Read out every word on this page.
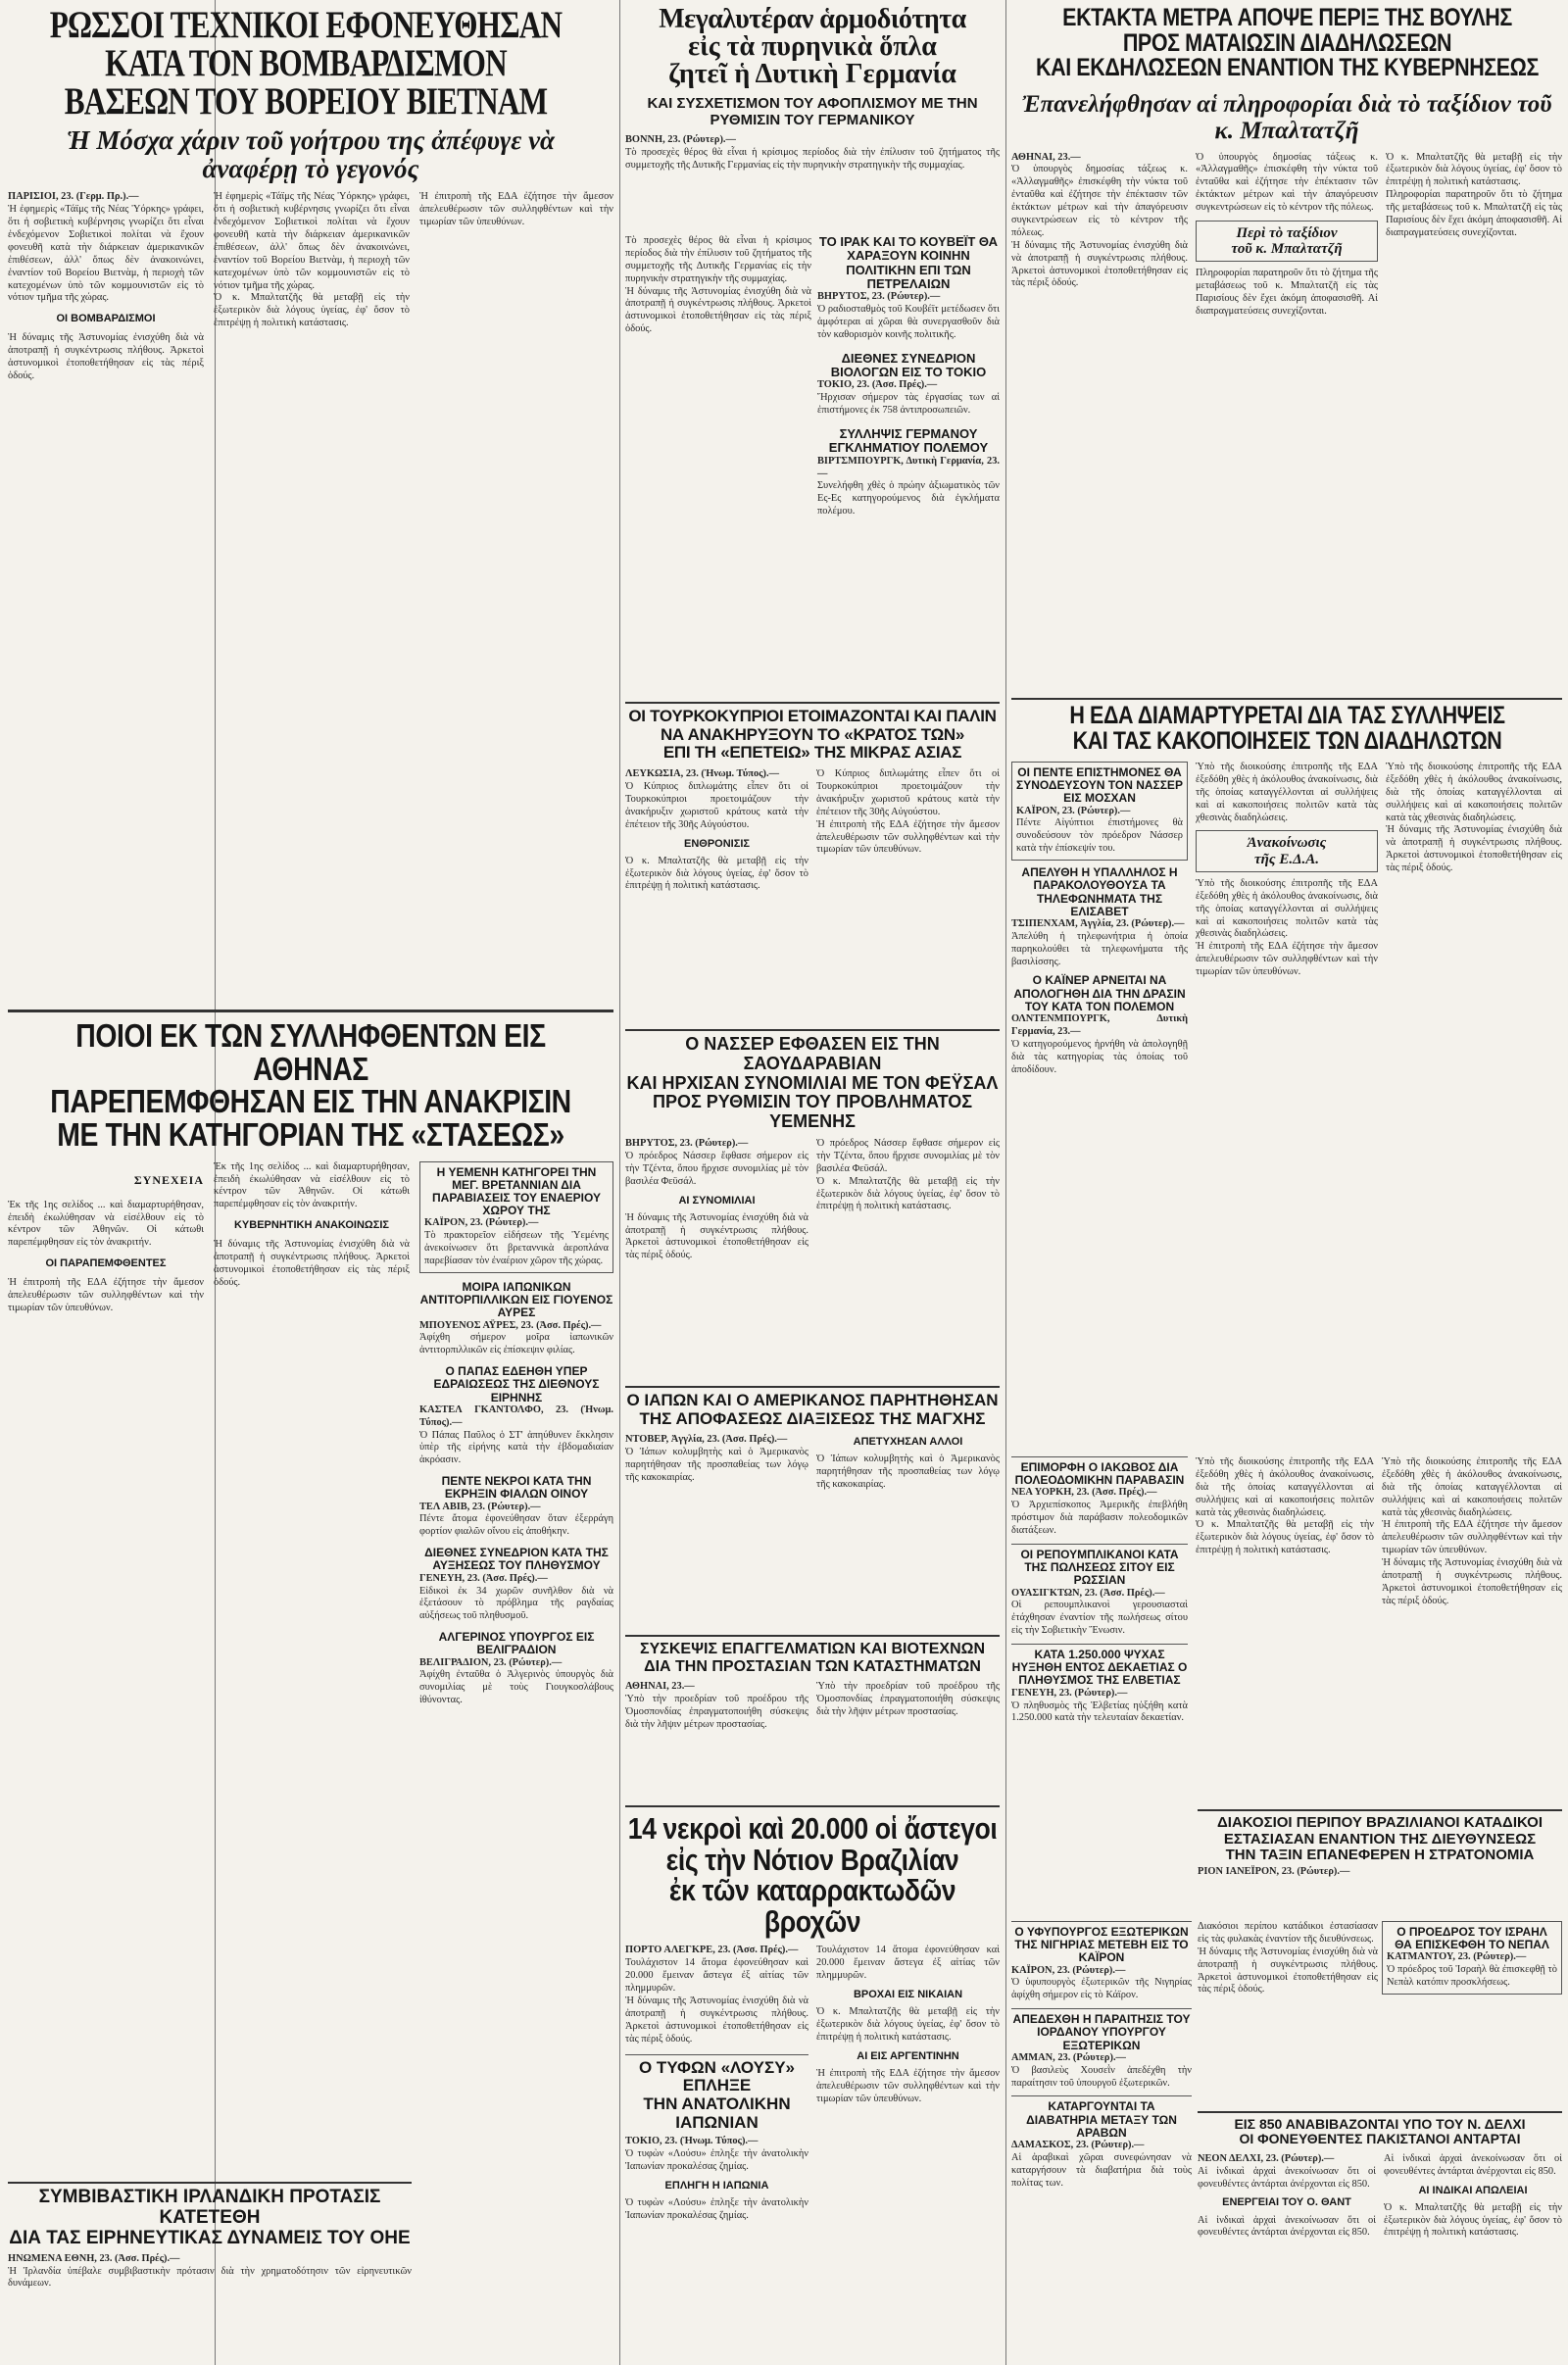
ΡΩΣΣΟΙ ΤΕΧΝΙΚΟΙ ΕΦΟΝΕΥΘΗΣΑΝ

ΚΑΤΑ ΤΟΝ ΒΟΜΒΑΡΔΙΣΜΟΝ

ΒΑΣΕΩΝ ΤΟΥ ΒΟΡΕΙΟΥ ΒΙΕΤΝΑΜ

Ἡ Μόσχα χάριν τοῦ γοήτρου της ἀπέφυγε νὰ ἀναφέρῃ τὸ γεγονός

ΠΑΡΙΣΙΟΙ, 23. (Γερμ. Πρ.).—

Ἡ ἐφημερὶς «Τάϊμς τῆς Νέας Ὑόρκης» γράφει, ὅτι ἡ σοβιετικὴ κυβέρνησις γνωρίζει ὅτι εἶναι ἐνδεχόμενον Σοβιετικοὶ πολίται νὰ ἔχουν φονευθῆ κατὰ τὴν διάρκειαν ἀμερικανικῶν ἐπιθέσεων, ἀλλ' ὅπως δὲν ἀνακοινώνει, ἐναντίον τοῦ Βορείου Βιετνὰμ, ἡ περιοχὴ τῶν κατεχομένων ὑπὸ τῶν κομμουνιστῶν εἰς τὸ νότιον τμῆμα τῆς χώρας.

ΟΙ ΒΟΜΒΑΡΔΙΣΜΟΙ

Ἡ δύναμις τῆς Ἀστυνομίας ἐνισχύθη διὰ νὰ ἀποτραπῇ ἡ συγκέντρωσις πλήθους. Ἀρκετοὶ ἀστυνομικοὶ ἐτοποθετήθησαν εἰς τὰς πέριξ ὁδούς.

Ἡ ἐφημερὶς «Τάϊμς τῆς Νέας Ὑόρκης» γράφει, ὅτι ἡ σοβιετικὴ κυβέρνησις γνωρίζει ὅτι εἶναι ἐνδεχόμενον Σοβιετικοὶ πολίται νὰ ἔχουν φονευθῆ κατὰ τὴν διάρκειαν ἀμερικανικῶν ἐπιθέσεων, ἀλλ' ὅπως δὲν ἀνακοινώνει, ἐναντίον τοῦ Βορείου Βιετνὰμ, ἡ περιοχὴ τῶν κατεχομένων ὑπὸ τῶν κομμουνιστῶν εἰς τὸ νότιον τμῆμα τῆς χώρας.

Ὁ κ. Μπαλτατζῆς θὰ μεταβῇ εἰς τὴν ἐξωτερικὸν διὰ λόγους ὑγείας, ἐφ' ὅσον τὸ ἐπιτρέψῃ ἡ πολιτικὴ κατάστασις.

Ἡ ἐπιτροπὴ τῆς ΕΔΑ ἐζήτησε τὴν ἄμεσον ἀπελευθέρωσιν τῶν συλληφθέντων καὶ τὴν τιμωρίαν τῶν ὑπευθύνων.

ΠΟΙΟΙ ΕΚ ΤΩΝ ΣΥΛΛΗΦΘΕΝΤΩΝ ΕΙΣ ΑΘΗΝΑΣ

ΠΑΡΕΠΕΜΦΘΗΣΑΝ ΕΙΣ ΤΗΝ ΑΝΑΚΡΙΣΙΝ

ΜΕ ΤΗΝ ΚΑΤΗΓΟΡΙΑΝ ΤΗΣ «ΣΤΑΣΕΩΣ»

ΣΥΝΕΧΕΙΑ

Ἐκ τῆς 1ης σελίδος ... καὶ διαμαρτυρήθησαν, ἐπειδὴ ἐκωλύθησαν νὰ εἰσέλθουν εἰς τὸ κέντρον τῶν Ἀθηνῶν. Οἱ κάτωθι παρεπέμφθησαν εἰς τὸν ἀνακριτήν.

ΟΙ ΠΑΡΑΠΕΜΦΘΕΝΤΕΣ

Ἡ ἐπιτροπὴ τῆς ΕΔΑ ἐζήτησε τὴν ἄμεσον ἀπελευθέρωσιν τῶν συλληφθέντων καὶ τὴν τιμωρίαν τῶν ὑπευθύνων.

Ἐκ τῆς 1ης σελίδος ... καὶ διαμαρτυρήθησαν, ἐπειδὴ ἐκωλύθησαν νὰ εἰσέλθουν εἰς τὸ κέντρον τῶν Ἀθηνῶν. Οἱ κάτωθι παρεπέμφθησαν εἰς τὸν ἀνακριτήν.

ΚΥΒΕΡΝΗΤΙΚΗ ΑΝΑΚΟΙΝΩΣΙΣ

Ἡ δύναμις τῆς Ἀστυνομίας ἐνισχύθη διὰ νὰ ἀποτραπῇ ἡ συγκέντρωσις πλήθους. Ἀρκετοὶ ἀστυνομικοὶ ἐτοποθετήθησαν εἰς τὰς πέριξ ὁδούς.

Η ΥΕΜΕΝΗ ΚΑΤΗΓΟΡΕΙ ΤΗΝ ΜΕΓ. ΒΡΕΤΑΝΝΙΑΝ ΔΙΑ ΠΑΡΑΒΙΑΣΕΙΣ ΤΟΥ ΕΝΑΕΡΙΟΥ ΧΩΡΟΥ ΤΗΣ

ΚΑΪΡΟΝ, 23. (Ρώυτερ).—

Τὸ πρακτορεῖον εἰδήσεων τῆς Ὑεμένης ἀνεκοίνωσεν ὅτι βρεταννικὰ ἀεροπλάνα παρεβίασαν τὸν ἐναέριον χῶρον τῆς χώρας.

ΜΟΙΡΑ ΙΑΠΩΝΙΚΩΝ ΑΝΤΙΤΟΡΠΙΛΛΙΚΩΝ ΕΙΣ ΓΙΟΥΕΝΟΣ ΑΥΡΕΣ

ΜΠΟΥΕΝΟΣ ΑΫΡΕΣ, 23. (Ἀσσ. Πρές).—

Ἀφίχθη σήμερον μοῖρα ἰαπωνικῶν ἀντιτορπιλλικῶν εἰς ἐπίσκεψιν φιλίας.

Ο ΠΑΠΑΣ ΕΔΕΗΘΗ ΥΠΕΡ ΕΔΡΑΙΩΣΕΩΣ ΤΗΣ ΔΙΕΘΝΟΥΣ ΕΙΡΗΝΗΣ

ΚΑΣΤΕΛ ΓΚΑΝΤΟΛΦΟ, 23. (Ἠνωμ. Τύπος).—

Ὁ Πάπας Παῦλος ὁ ΣΤ' ἀπηύθυνεν ἔκκλησιν ὑπὲρ τῆς εἰρήνης κατὰ τὴν ἑβδομαδιαίαν ἀκρόασιν.

ΠΕΝΤΕ ΝΕΚΡΟΙ ΚΑΤΑ ΤΗΝ ΕΚΡΗΞΙΝ ΦΙΑΛΩΝ ΟΙΝΟΥ

ΤΕΛ ΑΒΙΒ, 23. (Ρώυτερ).—

Πέντε ἄτομα ἐφονεύθησαν ὅταν ἐξερράγη φορτίον φιαλῶν οἴνου εἰς ἀποθήκην.

ΔΙΕΘΝΕΣ ΣΥΝΕΔΡΙΟΝ ΚΑΤΑ ΤΗΣ ΑΥΞΗΣΕΩΣ ΤΟΥ ΠΛΗΘΥΣΜΟΥ

ΓΕΝΕΥΗ, 23. (Ἀσσ. Πρές).—

Εἰδικοὶ ἐκ 34 χωρῶν συνῆλθον διὰ νὰ ἐξετάσουν τὸ πρόβλημα τῆς ραγδαίας αὐξήσεως τοῦ πληθυσμοῦ.

ΑΛΓΕΡΙΝΟΣ ΥΠΟΥΡΓΟΣ ΕΙΣ ΒΕΛΙΓΡΑΔΙΟΝ

ΒΕΛΙΓΡΑΔΙΟΝ, 23. (Ρώυτερ).—

Ἀφίχθη ἐνταῦθα ὁ Ἀλγερινὸς ὑπουργὸς διὰ συνομιλίας μὲ τοὺς Γιουγκοσλάβους ἰθύνοντας.

ΣΥΜΒΙΒΑΣΤΙΚΗ ΙΡΛΑΝΔΙΚΗ ΠΡΟΤΑΣΙΣ ΚΑΤΕΤΕΘΗ

ΔΙΑ ΤΑΣ ΕΙΡΗΝΕΥΤΙΚΑΣ ΔΥΝΑΜΕΙΣ ΤΟΥ ΟΗΕ

ΗΝΩΜΕΝΑ ΕΘΝΗ, 23. (Ἀσσ. Πρές).—

Ἡ Ἰρλανδία ὑπέβαλε συμβιβαστικὴν πρότασιν διὰ τὴν χρηματοδότησιν τῶν εἰρηνευτικῶν δυνάμεων.

Μεγαλυτέραν ἁρμοδιότητα

εἰς τὰ πυρηνικὰ ὅπλα

ζητεῖ ἡ Δυτικὴ Γερμανία

ΚΑΙ ΣΥΣΧΕΤΙΣΜΟΝ ΤΟΥ ΑΦΟΠΛΙΣΜΟΥ ΜΕ ΤΗΝ ΡΥΘΜΙΣΙΝ ΤΟΥ ΓΕΡΜΑΝΙΚΟΥ

ΒΟΝΝΗ, 23. (Ρώυτερ).—

Τὸ προσεχὲς θέρος θὰ εἶναι ἡ κρίσιμος περίοδος διὰ τὴν ἐπίλυσιν τοῦ ζητήματος τῆς συμμετοχῆς τῆς Δυτικῆς Γερμανίας εἰς τὴν πυρηνικὴν στρατηγικὴν τῆς συμμαχίας.

Τὸ προσεχὲς θέρος θὰ εἶναι ἡ κρίσιμος περίοδος διὰ τὴν ἐπίλυσιν τοῦ ζητήματος τῆς συμμετοχῆς τῆς Δυτικῆς Γερμανίας εἰς τὴν πυρηνικὴν στρατηγικὴν τῆς συμμαχίας.

Ἡ δύναμις τῆς Ἀστυνομίας ἐνισχύθη διὰ νὰ ἀποτραπῇ ἡ συγκέντρωσις πλήθους. Ἀρκετοὶ ἀστυνομικοὶ ἐτοποθετήθησαν εἰς τὰς πέριξ ὁδούς.

ΤΟ ΙΡΑΚ ΚΑΙ ΤΟ ΚΟΥΒΕΪΤ ΘΑ ΧΑΡΑΞΟΥΝ ΚΟΙΝΗΝ ΠΟΛΙΤΙΚΗΝ ΕΠΙ ΤΩΝ ΠΕΤΡΕΛΑΙΩΝ

ΒΗΡΥΤΟΣ, 23. (Ρώυτερ).—

Ὁ ραδιοσταθμὸς τοῦ Κουβέϊτ μετέδωσεν ὅτι ἀμφότεραι αἱ χῶραι θὰ συνεργασθοῦν διὰ τὸν καθορισμὸν κοινῆς πολιτικῆς.

ΔΙΕΘΝΕΣ ΣΥΝΕΔΡΙΟΝ ΒΙΟΛΟΓΩΝ ΕΙΣ ΤΟ ΤΟΚΙΟ

ΤΟΚΙΟ, 23. (Ἀσσ. Πρές).—

Ἤρχισαν σήμερον τὰς ἐργασίας των αἱ ἐπιστήμονες ἐκ 758 ἀντιπροσωπειῶν.

ΣΥΛΛΗΨΙΣ ΓΕΡΜΑΝΟΥ ΕΓΚΛΗΜΑΤΙΟΥ ΠΟΛΕΜΟΥ

ΒΙΡΤΣΜΠΟΥΡΓΚ, Δυτικὴ Γερμανία, 23.—

Συνελήφθη χθὲς ὁ πρώην ἀξιωματικὸς τῶν Ες-Ες κατηγορούμενος διὰ ἐγκλήματα πολέμου.

ΟΙ ΤΟΥΡΚΟΚΥΠΡΙΟΙ ΕΤΟΙΜΑΖΟΝΤΑΙ ΚΑΙ ΠΑΛΙΝ

ΝΑ ΑΝΑΚΗΡΥΞΟΥΝ ΤΟ «ΚΡΑΤΟΣ ΤΩΝ»

ΕΠΙ ΤΗ «ΕΠΕΤΕΙΩ» ΤΗΣ ΜΙΚΡΑΣ ΑΣΙΑΣ

ΛΕΥΚΩΣΙΑ, 23. (Ἠνωμ. Τύπος).—

Ὁ Κύπριος διπλωμάτης εἶπεν ὅτι οἱ Τουρκοκύπριοι προετοιμάζουν τὴν ἀνακήρυξιν χωριστοῦ κράτους κατὰ τὴν ἐπέτειον τῆς 30ῆς Αὐγούστου.

ΕΝΘΡΟΝΙΣΙΣ

Ὁ κ. Μπαλτατζῆς θὰ μεταβῇ εἰς τὴν ἐξωτερικὸν διὰ λόγους ὑγείας, ἐφ' ὅσον τὸ ἐπιτρέψῃ ἡ πολιτικὴ κατάστασις.

Ὁ Κύπριος διπλωμάτης εἶπεν ὅτι οἱ Τουρκοκύπριοι προετοιμάζουν τὴν ἀνακήρυξιν χωριστοῦ κράτους κατὰ τὴν ἐπέτειον τῆς 30ῆς Αὐγούστου.

Ἡ ἐπιτροπὴ τῆς ΕΔΑ ἐζήτησε τὴν ἄμεσον ἀπελευθέρωσιν τῶν συλληφθέντων καὶ τὴν τιμωρίαν τῶν ὑπευθύνων.

Ο ΝΑΣΣΕΡ ΕΦΘΑΣΕΝ ΕΙΣ ΤΗΝ ΣΑΟΥΔΑΡΑΒΙΑΝ

ΚΑΙ ΗΡΧΙΣΑΝ ΣΥΝΟΜΙΛΙΑΙ ΜΕ ΤΟΝ ΦΕΫΣΑΛ

ΠΡΟΣ ΡΥΘΜΙΣΙΝ ΤΟΥ ΠΡΟΒΛΗΜΑΤΟΣ ΥΕΜΕΝΗΣ

ΒΗΡΥΤΟΣ, 23. (Ρώυτερ).—

Ὁ πρόεδρος Νάσσερ ἔφθασε σήμερον εἰς τὴν Τζέντα, ὅπου ἤρχισε συνομιλίας μὲ τὸν βασιλέα Φεϋσάλ.

ΑΙ ΣΥΝΟΜΙΛΙΑΙ

Ἡ δύναμις τῆς Ἀστυνομίας ἐνισχύθη διὰ νὰ ἀποτραπῇ ἡ συγκέντρωσις πλήθους. Ἀρκετοὶ ἀστυνομικοὶ ἐτοποθετήθησαν εἰς τὰς πέριξ ὁδούς.

Ὁ πρόεδρος Νάσσερ ἔφθασε σήμερον εἰς τὴν Τζέντα, ὅπου ἤρχισε συνομιλίας μὲ τὸν βασιλέα Φεϋσάλ.

Ὁ κ. Μπαλτατζῆς θὰ μεταβῇ εἰς τὴν ἐξωτερικὸν διὰ λόγους ὑγείας, ἐφ' ὅσον τὸ ἐπιτρέψῃ ἡ πολιτικὴ κατάστασις.

Ο ΙΑΠΩΝ ΚΑΙ Ο ΑΜΕΡΙΚΑΝΟΣ ΠΑΡΗΤΗΘΗΣΑΝ

ΤΗΣ ΑΠΟΦΑΣΕΩΣ ΔΙΑΞΙΣΕΩΣ ΤΗΣ ΜΑΓΧΗΣ

ΝΤΟΒΕΡ, Ἀγγλία, 23. (Ἀσσ. Πρές).—

Ὁ Ἰάπων κολυμβητὴς καὶ ὁ Ἀμερικανὸς παρητήθησαν τῆς προσπαθείας των λόγῳ τῆς κακοκαιρίας.

ΑΠΕΤΥΧΗΣΑΝ ΑΛΛΟΙ

Ὁ Ἰάπων κολυμβητὴς καὶ ὁ Ἀμερικανὸς παρητήθησαν τῆς προσπαθείας των λόγῳ τῆς κακοκαιρίας.

ΣΥΣΚΕΨΙΣ ΕΠΑΓΓΕΛΜΑΤΙΩΝ ΚΑΙ ΒΙΟΤΕΧΝΩΝ

ΔΙΑ ΤΗΝ ΠΡΟΣΤΑΣΙΑΝ ΤΩΝ ΚΑΤΑΣΤΗΜΑΤΩΝ

ΑΘΗΝΑΙ, 23.—

Ὑπὸ τὴν προεδρίαν τοῦ προέδρου τῆς Ὁμοσπονδίας ἐπραγματοποιήθη σύσκεψις διὰ τὴν λῆψιν μέτρων προστασίας.

Ὑπὸ τὴν προεδρίαν τοῦ προέδρου τῆς Ὁμοσπονδίας ἐπραγματοποιήθη σύσκεψις διὰ τὴν λῆψιν μέτρων προστασίας.

14 νεκροὶ καὶ 20.000 οἱ ἄστεγοι

εἰς τὴν Νότιον Βραζιλίαν

ἐκ τῶν καταρρακτωδῶν βροχῶν

ΠΟΡΤΟ ΑΛΕΓΚΡΕ, 23. (Ἀσσ. Πρές).—

Τουλάχιστον 14 ἄτομα ἐφονεύθησαν καὶ 20.000 ἔμειναν ἄστεγα ἐξ αἰτίας τῶν πλημμυρῶν.

Ἡ δύναμις τῆς Ἀστυνομίας ἐνισχύθη διὰ νὰ ἀποτραπῇ ἡ συγκέντρωσις πλήθους. Ἀρκετοὶ ἀστυνομικοὶ ἐτοποθετήθησαν εἰς τὰς πέριξ ὁδούς.

Ο ΤΥΦΩΝ «ΛΟΥΣΥ» ΕΠΛΗΞΕ

ΤΗΝ ΑΝΑΤΟΛΙΚΗΝ ΙΑΠΩΝΙΑΝ

ΤΟΚΙΟ, 23. (Ἠνωμ. Τύπος).—

Ὁ τυφὼν «Λούσυ» ἐπληξε τὴν ἀνατολικὴν Ἰαπωνίαν προκαλέσας ζημίας.

ΕΠΛΗΓΗ Η ΙΑΠΩΝΙΑ

Ὁ τυφὼν «Λούσυ» ἐπληξε τὴν ἀνατολικὴν Ἰαπωνίαν προκαλέσας ζημίας.

Τουλάχιστον 14 ἄτομα ἐφονεύθησαν καὶ 20.000 ἔμειναν ἄστεγα ἐξ αἰτίας τῶν πλημμυρῶν.

ΒΡΟΧΑΙ ΕΙΣ ΝΙΚΑΙΑΝ

Ὁ κ. Μπαλτατζῆς θὰ μεταβῇ εἰς τὴν ἐξωτερικὸν διὰ λόγους ὑγείας, ἐφ' ὅσον τὸ ἐπιτρέψῃ ἡ πολιτικὴ κατάστασις.

ΑΙ ΕΙΣ ΑΡΓΕΝΤΙΝΗΝ

Ἡ ἐπιτροπὴ τῆς ΕΔΑ ἐζήτησε τὴν ἄμεσον ἀπελευθέρωσιν τῶν συλληφθέντων καὶ τὴν τιμωρίαν τῶν ὑπευθύνων.

ΕΚΤΑΚΤΑ ΜΕΤΡΑ ΑΠΟΨΕ ΠΕΡΙΞ ΤΗΣ ΒΟΥΛΗΣ

ΠΡΟΣ ΜΑΤΑΙΩΣΙΝ ΔΙΑΔΗΛΩΣΕΩΝ

ΚΑΙ ΕΚΔΗΛΩΣΕΩΝ ΕΝΑΝΤΙΟΝ ΤΗΣ ΚΥΒΕΡΝΗΣΕΩΣ

Ἐπανελήφθησαν αἱ πληροφορίαι διὰ τὸ ταξίδιον τοῦ κ. Μπαλτατζῆ

ΑΘΗΝΑΙ, 23.—

Ὁ ὑπουργὸς δημοσίας τάξεως κ. «Ἀλλαγμαθῆς» ἐπισκέφθη τὴν νύκτα τοῦ ἐνταῦθα καὶ ἐζήτησε τὴν ἐπέκτασιν τῶν ἐκτάκτων μέτρων καὶ τὴν ἀπαγόρευσιν συγκεντρώσεων εἰς τὸ κέντρον τῆς πόλεως.

Ἡ δύναμις τῆς Ἀστυνομίας ἐνισχύθη διὰ νὰ ἀποτραπῇ ἡ συγκέντρωσις πλήθους. Ἀρκετοὶ ἀστυνομικοὶ ἐτοποθετήθησαν εἰς τὰς πέριξ ὁδούς.

Ὁ ὑπουργὸς δημοσίας τάξεως κ. «Ἀλλαγμαθῆς» ἐπισκέφθη τὴν νύκτα τοῦ ἐνταῦθα καὶ ἐζήτησε τὴν ἐπέκτασιν τῶν ἐκτάκτων μέτρων καὶ τὴν ἀπαγόρευσιν συγκεντρώσεων εἰς τὸ κέντρον τῆς πόλεως.

Περὶ τὸ ταξίδιον

τοῦ κ. Μπαλτατζῆ

Πληροφορίαι παρατηροῦν ὅτι τὸ ζήτημα τῆς μεταβάσεως τοῦ κ. Μπαλτατζῆ εἰς τὰς Παρισίους δὲν ἔχει ἀκόμη ἀποφασισθῆ. Αἱ διαπραγματεύσεις συνεχίζονται.

Ὁ κ. Μπαλτατζῆς θὰ μεταβῇ εἰς τὴν ἐξωτερικὸν διὰ λόγους ὑγείας, ἐφ' ὅσον τὸ ἐπιτρέψῃ ἡ πολιτικὴ κατάστασις.

Πληροφορίαι παρατηροῦν ὅτι τὸ ζήτημα τῆς μεταβάσεως τοῦ κ. Μπαλτατζῆ εἰς τὰς Παρισίους δὲν ἔχει ἀκόμη ἀποφασισθῆ. Αἱ διαπραγματεύσεις συνεχίζονται.

Η ΕΔΑ ΔΙΑΜΑΡΤΥΡΕΤΑΙ ΔΙΑ ΤΑΣ ΣΥΛΛΗΨΕΙΣ

ΚΑΙ ΤΑΣ ΚΑΚΟΠΟΙΗΣΕΙΣ ΤΩΝ ΔΙΑΔΗΛΩΤΩΝ

ΟΙ ΠΕΝΤΕ ΕΠΙΣΤΗΜΟΝΕΣ ΘΑ ΣΥΝΟΔΕΥΣΟΥΝ ΤΟΝ ΝΑΣΣΕΡ ΕΙΣ ΜΟΣΧΑΝ

ΚΑΪΡΟΝ, 23. (Ρώυτερ).—

Πέντε Αἰγύπτιοι ἐπιστήμονες θὰ συνοδεύσουν τὸν πρόεδρον Νάσσερ κατὰ τὴν ἐπίσκεψίν του.

ΑΠΕΛΥΘΗ Η ΥΠΑΛΛΗΛΟΣ Η ΠΑΡΑΚΟΛΟΥΘΟΥΣΑ ΤΑ ΤΗΛΕΦΩΝΗΜΑΤΑ ΤΗΣ ΕΛΙΣΑΒΕΤ

ΤΣΙΠΕΝΧΑΜ, Ἀγγλία, 23. (Ρώυτερ).—

Ἀπελύθη ἡ τηλεφωνήτρια ἡ ὁποία παρηκολούθει τὰ τηλεφωνήματα τῆς βασιλίσσης.

Ο ΚΑΪΝΕΡ ΑΡΝΕΙΤΑΙ ΝΑ ΑΠΟΛΟΓΗΘΗ ΔΙΑ ΤΗΝ ΔΡΑΣΙΝ ΤΟΥ ΚΑΤΑ ΤΟΝ ΠΟΛΕΜΟΝ

ΟΛΝΤΕΝΜΠΟΥΡΓΚ, Δυτικὴ Γερμανία, 23.—

Ὁ κατηγορούμενος ἠρνήθη νὰ ἀπολογηθῇ διὰ τὰς κατηγορίας τὰς ὁποίας τοῦ ἀποδίδουν.

Ὑπὸ τῆς διοικούσης ἐπιτροπῆς τῆς ΕΔΑ ἐξεδόθη χθὲς ἡ ἀκόλουθος ἀνακοίνωσις, διὰ τῆς ὁποίας καταγγέλλονται αἱ συλλήψεις καὶ αἱ κακοποιήσεις πολιτῶν κατὰ τὰς χθεσινὰς διαδηλώσεις.

Ἀνακοίνωσις

τῆς Ε.Δ.Α.

Ὑπὸ τῆς διοικούσης ἐπιτροπῆς τῆς ΕΔΑ ἐξεδόθη χθὲς ἡ ἀκόλουθος ἀνακοίνωσις, διὰ τῆς ὁποίας καταγγέλλονται αἱ συλλήψεις καὶ αἱ κακοποιήσεις πολιτῶν κατὰ τὰς χθεσινὰς διαδηλώσεις.

Ἡ ἐπιτροπὴ τῆς ΕΔΑ ἐζήτησε τὴν ἄμεσον ἀπελευθέρωσιν τῶν συλληφθέντων καὶ τὴν τιμωρίαν τῶν ὑπευθύνων.

Ὑπὸ τῆς διοικούσης ἐπιτροπῆς τῆς ΕΔΑ ἐξεδόθη χθὲς ἡ ἀκόλουθος ἀνακοίνωσις, διὰ τῆς ὁποίας καταγγέλλονται αἱ συλλήψεις καὶ αἱ κακοποιήσεις πολιτῶν κατὰ τὰς χθεσινὰς διαδηλώσεις.

Ἡ δύναμις τῆς Ἀστυνομίας ἐνισχύθη διὰ νὰ ἀποτραπῇ ἡ συγκέντρωσις πλήθους. Ἀρκετοὶ ἀστυνομικοὶ ἐτοποθετήθησαν εἰς τὰς πέριξ ὁδούς.

ΕΠΙΜΟΡΦΗ Ο ΙΑΚΩΒΟΣ ΔΙΑ ΠΟΛΕΟΔΟΜΙΚΗΝ ΠΑΡΑΒΑΣΙΝ

ΝΕΑ ΥΟΡΚΗ, 23. (Ἀσσ. Πρές).—

Ὁ Ἀρχιεπίσκοπος Ἀμερικῆς ἐπεβλήθη πρόστιμον διὰ παράβασιν πολεοδομικῶν διατάξεων.

ΟΙ ΡΕΠΟΥΜΠΛΙΚΑΝΟΙ ΚΑΤΑ ΤΗΣ ΠΩΛΗΣΕΩΣ ΣΙΤΟΥ ΕΙΣ ΡΩΣΣΙΑΝ

ΟΥΑΣΙΓΚΤΩΝ, 23. (Ἀσσ. Πρές).—

Οἱ ρεπουμπλικανοὶ γερουσιασταὶ ἐτάχθησαν ἐναντίον τῆς πωλήσεως σίτου εἰς τὴν Σοβιετικὴν Ἕνωσιν.

ΚΑΤΑ 1.250.000 ΨΥΧΑΣ ΗΥΞΗΘΗ ΕΝΤΟΣ ΔΕΚΑΕΤΙΑΣ Ο ΠΛΗΘΥΣΜΟΣ ΤΗΣ ΕΛΒΕΤΙΑΣ

ΓΕΝΕΥΗ, 23. (Ρώυτερ).—

Ὁ πληθυσμὸς τῆς Ἑλβετίας ηὐξήθη κατὰ 1.250.000 κατὰ τὴν τελευταίαν δεκαετίαν.

Ὑπὸ τῆς διοικούσης ἐπιτροπῆς τῆς ΕΔΑ ἐξεδόθη χθὲς ἡ ἀκόλουθος ἀνακοίνωσις, διὰ τῆς ὁποίας καταγγέλλονται αἱ συλλήψεις καὶ αἱ κακοποιήσεις πολιτῶν κατὰ τὰς χθεσινὰς διαδηλώσεις.

Ὁ κ. Μπαλτατζῆς θὰ μεταβῇ εἰς τὴν ἐξωτερικὸν διὰ λόγους ὑγείας, ἐφ' ὅσον τὸ ἐπιτρέψῃ ἡ πολιτικὴ κατάστασις.

Ὑπὸ τῆς διοικούσης ἐπιτροπῆς τῆς ΕΔΑ ἐξεδόθη χθὲς ἡ ἀκόλουθος ἀνακοίνωσις, διὰ τῆς ὁποίας καταγγέλλονται αἱ συλλήψεις καὶ αἱ κακοποιήσεις πολιτῶν κατὰ τὰς χθεσινὰς διαδηλώσεις.

Ἡ ἐπιτροπὴ τῆς ΕΔΑ ἐζήτησε τὴν ἄμεσον ἀπελευθέρωσιν τῶν συλληφθέντων καὶ τὴν τιμωρίαν τῶν ὑπευθύνων.

Ἡ δύναμις τῆς Ἀστυνομίας ἐνισχύθη διὰ νὰ ἀποτραπῇ ἡ συγκέντρωσις πλήθους. Ἀρκετοὶ ἀστυνομικοὶ ἐτοποθετήθησαν εἰς τὰς πέριξ ὁδούς.

ΔΙΑΚΟΣΙΟΙ ΠΕΡΙΠΟΥ ΒΡΑΖΙΛΙΑΝΟΙ ΚΑΤΑΔΙΚΟΙ

ΕΣΤΑΣΙΑΣΑΝ ΕΝΑΝΤΙΟΝ ΤΗΣ ΔΙΕΥΘΥΝΣΕΩΣ

ΤΗΝ ΤΑΞΙΝ ΕΠΑΝΕΦΕΡΕΝ Η ΣΤΡΑΤΟΝΟΜΙΑ

ΡΙΟΝ ΙΑΝΕΪΡΟΝ, 23. (Ρώυτερ).—

Ο ΥΦΥΠΟΥΡΓΟΣ ΕΞΩΤΕΡΙΚΩΝ ΤΗΣ ΝΙΓΗΡΙΑΣ ΜΕΤΕΒΗ ΕΙΣ ΤΟ ΚΑΪΡΟΝ

ΚΑΪΡΟΝ, 23. (Ρώυτερ).—

Ὁ ὑφυπουργὸς ἐξωτερικῶν τῆς Νιγηρίας ἀφίχθη σήμερον εἰς τὸ Κάϊρον.

ΑΠΕΔΕΧΘΗ Η ΠΑΡΑΙΤΗΣΙΣ ΤΟΥ ΙΟΡΔΑΝΟΥ ΥΠΟΥΡΓΟΥ ΕΞΩΤΕΡΙΚΩΝ

ΑΜΜΑΝ, 23. (Ρώυτερ).—

Ὁ βασιλεὺς Χουσεῒν ἀπεδέχθη τὴν παραίτησιν τοῦ ὑπουργοῦ ἐξωτερικῶν.

ΚΑΤΑΡΓΟΥΝΤΑΙ ΤΑ ΔΙΑΒΑΤΗΡΙΑ ΜΕΤΑΞΥ ΤΩΝ ΑΡΑΒΩΝ

ΔΑΜΑΣΚΟΣ, 23. (Ρώυτερ).—

Αἱ ἀραβικαὶ χῶραι συνεφώνησαν νὰ καταργήσουν τὰ διαβατήρια διὰ τοὺς πολίτας των.

Διακόσιοι περίπου κατάδικοι ἐστασίασαν εἰς τὰς φυλακὰς ἐναντίον τῆς διευθύνσεως.

Ἡ δύναμις τῆς Ἀστυνομίας ἐνισχύθη διὰ νὰ ἀποτραπῇ ἡ συγκέντρωσις πλήθους. Ἀρκετοὶ ἀστυνομικοὶ ἐτοποθετήθησαν εἰς τὰς πέριξ ὁδούς.

Ο ΠΡΟΕΔΡΟΣ ΤΟΥ ΙΣΡΑΗΛ ΘΑ ΕΠΙΣΚΕΦΘΗ ΤΟ ΝΕΠΑΛ

ΚΑΤΜΑΝΤΟΥ, 23. (Ρώυτερ).—

Ὁ πρόεδρος τοῦ Ἰσραὴλ θὰ ἐπισκεφθῇ τὸ Νεπὰλ κατόπιν προσκλήσεως.

ΕΙΣ 850 ΑΝΑΒΙΒΑΖΟΝΤΑΙ ΥΠΟ ΤΟΥ Ν. ΔΕΛΧΙ

ΟΙ ΦΟΝΕΥΘΕΝΤΕΣ ΠΑΚΙΣΤΑΝΟΙ ΑΝΤΑΡΤΑΙ

ΝΕΟΝ ΔΕΛΧΙ, 23. (Ρώυτερ).—

Αἱ ἰνδικαὶ ἀρχαὶ ἀνεκοίνωσαν ὅτι οἱ φονευθέντες ἀντάρται ἀνέρχονται εἰς 850.

ΕΝΕΡΓΕΙΑΙ ΤΟΥ Ο. ΘΑΝΤ

Αἱ ἰνδικαὶ ἀρχαὶ ἀνεκοίνωσαν ὅτι οἱ φονευθέντες ἀντάρται ἀνέρχονται εἰς 850.

Αἱ ἰνδικαὶ ἀρχαὶ ἀνεκοίνωσαν ὅτι οἱ φονευθέντες ἀντάρται ἀνέρχονται εἰς 850.

ΑΙ ΙΝΔΙΚΑΙ ΑΠΩΛΕΙΑΙ

Ὁ κ. Μπαλτατζῆς θὰ μεταβῇ εἰς τὴν ἐξωτερικὸν διὰ λόγους ὑγείας, ἐφ' ὅσον τὸ ἐπιτρέψῃ ἡ πολιτικὴ κατάστασις.
